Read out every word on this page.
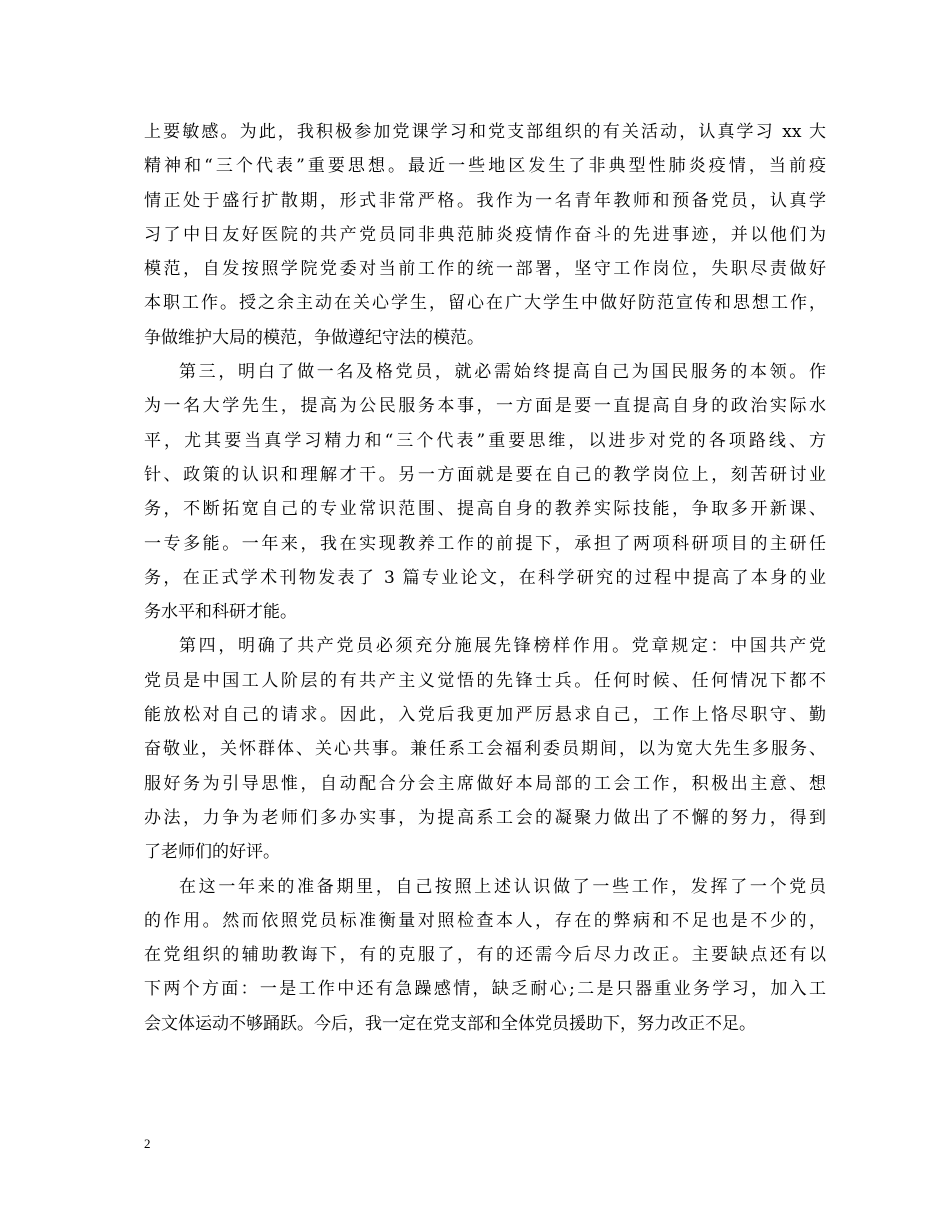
上要敏感。为此，我积极参加党课学习和党支部组织的有关活动，认真学习 xx 大
精神和“三个代表”重要思想。最近一些地区发生了非典型性肺炎疫情，当前疫
情正处于盛行扩散期，形式非常严格。我作为一名青年教师和预备党员，认真学
习了中日友好医院的共产党员同非典范肺炎疫情作奋斗的先进事迹，并以他们为
模范，自发按照学院党委对当前工作的统一部署，坚守工作岗位，失职尽责做好
本职工作。授之余主动在关心学生，留心在广大学生中做好防范宣传和思想工作，
争做维护大局的模范，争做遵纪守法的模范。
第三，明白了做一名及格党员，就必需始终提高自己为国民服务的本领。作
为一名大学先生，提高为公民服务本事，一方面是要一直提高自身的政治实际水
平，尤其要当真学习精力和“三个代表”重要思维，以进步对党的各项路线、方
针、政策的认识和理解才干。另一方面就是要在自己的教学岗位上，刻苦研讨业
务，不断拓宽自己的专业常识范围、提高自身的教养实际技能，争取多开新课、
一专多能。一年来，我在实现教养工作的前提下，承担了两项科研项目的主研任
务，在正式学术刊物发表了 3 篇专业论文，在科学研究的过程中提高了本身的业
务水平和科研才能。
第四，明确了共产党员必须充分施展先锋榜样作用。党章规定：中国共产党
党员是中国工人阶层的有共产主义觉悟的先锋士兵。任何时候、任何情况下都不
能放松对自己的请求。因此，入党后我更加严厉悬求自己，工作上恪尽职守、勤
奋敬业，关怀群体、关心共事。兼任系工会福利委员期间，以为宽大先生多服务、
服好务为引导思惟，自动配合分会主席做好本局部的工会工作，积极出主意、想
办法，力争为老师们多办实事，为提高系工会的凝聚力做出了不懈的努力，得到
了老师们的好评。
在这一年来的准备期里，自己按照上述认识做了一些工作，发挥了一个党员
的作用。然而依照党员标准衡量对照检查本人，存在的弊病和不足也是不少的，
在党组织的辅助教诲下，有的克服了，有的还需今后尽力改正。主要缺点还有以
下两个方面：一是工作中还有急躁感情，缺乏耐心;二是只器重业务学习，加入工
会文体运动不够踊跃。今后，我一定在党支部和全体党员援助下，努力改正不足。
2
